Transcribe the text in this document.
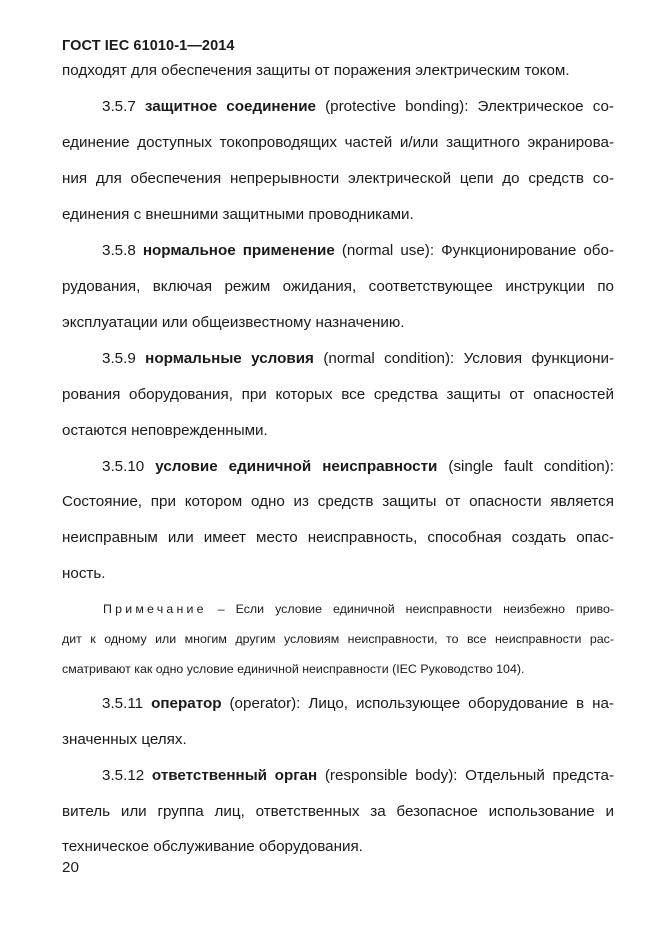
ГОСТ IEC 61010-1—2014
подходят для обеспечения защиты от поражения электрическим током.
3.5.7 защитное соединение (protective bonding): Электрическое со-
единение доступных токопроводящих частей и/или защитного экранирова-
ния для обеспечения непрерывности электрической цепи до средств со-
единения с внешними защитными проводниками.
3.5.8 нормальное применение (normal use): Функционирование обо-
рудования, включая режим ожидания, соответствующее инструкции по
эксплуатации или общеизвестному назначению.
3.5.9 нормальные условия (normal condition): Условия функциони-
рования оборудования, при которых все средства защиты от опасностей
остаются неповрежденными.
3.5.10 условие единичной неисправности (single fault condition):
Состояние, при котором одно из средств защиты от опасности является
неисправным или имеет место неисправность, способная создать опас-
ность.
Примечание – Если условие единичной неисправности неизбежно приво-
дит к одному или многим другим условиям неисправности, то все неисправности рас-
сматривают как одно условие единичной неисправности (IEC Руководство 104).
3.5.11 оператор (operator): Лицо, использующее оборудование в на-
значенных целях.
3.5.12 ответственный орган (responsible body): Отдельный предста-
витель или группа лиц, ответственных за безопасное использование и
техническое обслуживание оборудования.
20
